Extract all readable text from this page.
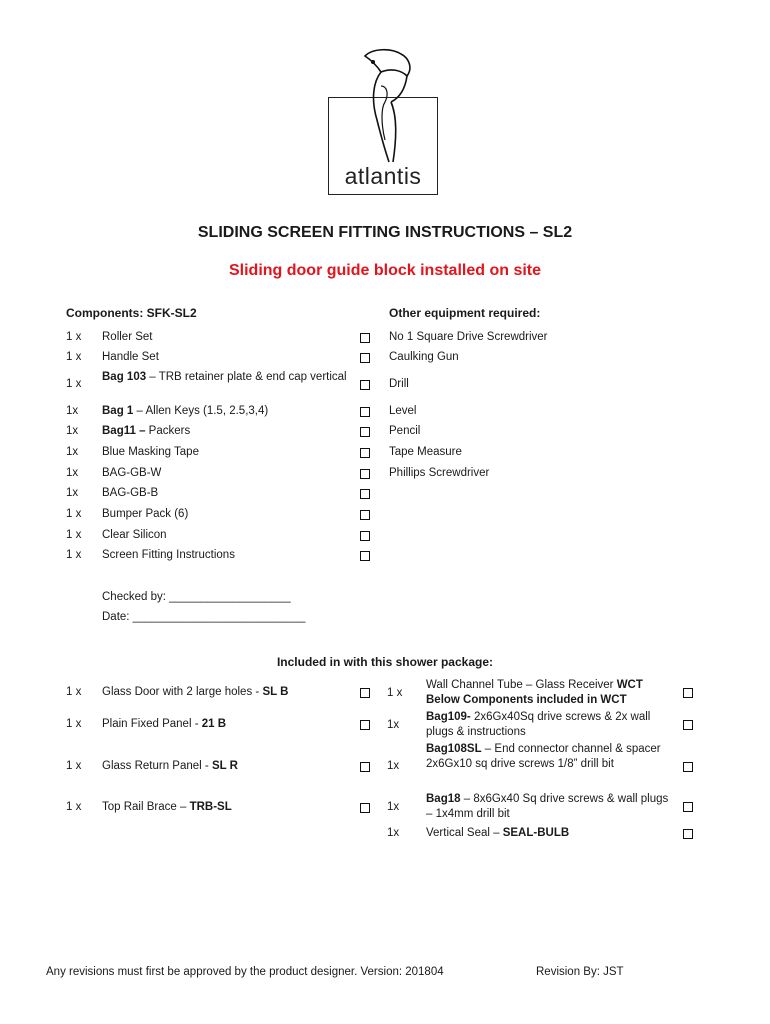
atlantis
SLIDING SCREEN FITTING INSTRUCTIONS – SL2
Sliding door guide block installed on site
Components: SFK-SL2	Other equipment required:
1 x Roller Set
1 x Handle Set
1 x
Bag 103 – TRB retainer plate & end cap vertical
1x Bag 1 – Allen Keys (1.5, 2.5,3,4)
1x Bag11 – Packers
1x Blue Masking Tape
1x BAG-GB-W
1x BAG-GB-B
1 x Bumper Pack (6)
1 x Clear Silicon
1 x Screen Fitting Instructions
No 1 Square Drive Screwdriver
Caulking Gun
Drill
Level
Pencil
Tape Measure
Phillips Screwdriver
Checked by: ___________________
Date: ___________________________
Included in with this shower package:
1 x Glass Door with 2 large holes - SL B
1 x Plain Fixed Panel - 21 B
1 x Glass Return Panel - SL R
1 x Top Rail Brace – TRB-SL
1 x
Wall Channel Tube – Glass Receiver WCT
Below Components included in WCT
1x
Bag109- 2x6Gx40Sq drive screws & 2x wall plugs & instructions
1x
Bag108SL – End connector channel & spacer 2x6Gx10 sq drive screws 1/8” drill bit
1x
Bag18 – 8x6Gx40 Sq drive screws & wall plugs – 1x4mm drill bit
1x Vertical Seal – SEAL-BULB
Any revisions must first be approved by the product designer. Version: 201804	Revision By: JST
